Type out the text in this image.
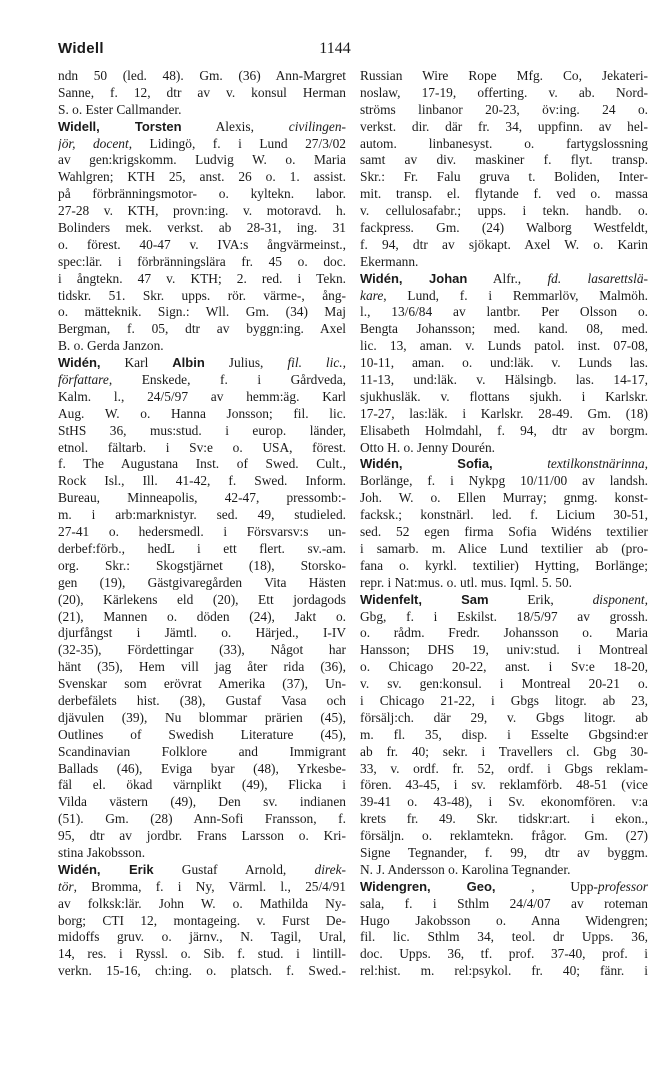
Widell	1144
ndn 50 (led. 48). Gm. (36) Ann-Margret
Sanne, f. 12, dtr av v. konsul Herman
S. o. Ester Callmander.
Widell, Torsten Alexis, civilingen-
jör, docent, Lidingö, f. i Lund 27/3/02
av gen:krigskomm. Ludvig W. o. Maria
Wahlgren; KTH 25, anst. 26 o. 1. assist.
på förbränningsmotor- o. kyltekn. labor.
27-28 v. KTH, provn:ing. v. motoravd. h.
Bolinders mek. verkst. ab 28-31, ing. 31
o. förest. 40-47 v. IVA:s ångvärmeinst.,
spec:lär. i förbränningslära fr. 45 o. doc.
i ångtekn. 47 v. KTH; 2. red. i Tekn.
tidskr. 51. Skr. upps. rör. värme-, ång-
o. mätteknik. Sign.: Wll. Gm. (34) Maj
Bergman, f. 05, dtr av byggn:ing. Axel
B. o. Gerda Janzon.
Widén, Karl Albin Julius, fil. lic.,
författare, Enskede, f. i Gårdveda,
Kalm. l., 24/5/97 av hemm:äg. Karl
Aug. W. o. Hanna Jonsson; fil. lic.
StHS 36, mus:stud. i europ. länder,
etnol. fältarb. i Sv:e o. USA, förest.
f. The Augustana Inst. of Swed. Cult.,
Rock Isl., Ill. 41-42, f. Swed. Inform.
Bureau, Minneapolis, 42-47, pressomb:-
m. i arb:marknistyr. sed. 49, studieled.
27-41 o. hedersmedl. i Försvarsv:s un-
derbef:förb., hedL i ett flert. sv.-am.
org. Skr.: Skogstjärnet (18), Storsko-
gen (19), Gästgivaregården Vita Hästen
(20), Kärlekens eld (20), Ett jordagods
(21), Mannen o. döden (24), Jakt o.
djurfångst i Jämtl. o. Härjed., I-IV
(32-35), Fördettingar (33), Något har
hänt (35), Hem vill jag åter rida (36),
Svenskar som erövrat Amerika (37), Un-
derbefälets hist. (38), Gustaf Vasa och
djävulen (39), Nu blommar prärien (45),
Outlines of Swedish Literature (45),
Scandinavian Folklore and Immigrant
Ballads (46), Eviga byar (48), Yrkesbe-
fäl el. ökad värnplikt (49), Flicka i
Vilda västern (49), Den sv. indianen
(51). Gm. (28) Ann-Sofi Fransson, f.
95, dtr av jordbr. Frans Larsson o. Kri-
stina Jakobsson.
Widén, Erik Gustaf Arnold, direk-
tör, Bromma, f. i Ny, Värml. l., 25/4/91
av folksk:lär. John W. o. Mathilda Ny-
borg; CTI 12, montageing. v. Furst De-
midoffs gruv. o. järnv., N. Tagil, Ural,
14, res. i Ryssl. o. Sib. f. stud. i lintill-
verkn. 15-16, ch:ing. o. platsch. f. Swed.-
Russian Wire Rope Mfg. Co, Jekateri-
noslaw, 17-19, offerting. v. ab. Nord-
ströms linbanor 20-23, öv:ing. 24 o.
verkst. dir. där fr. 34, uppfinn. av hel-
autom. linbanesyst. o. fartygslossning
samt av div. maskiner f. flyt. transp.
Skr.: Fr. Falu gruva t. Boliden, Inter-
mit. transp. el. flytande f. ved o. massa
v. cellulosafabr.; upps. i tekn. handb. o.
fackpress. Gm. (24) Walborg Westfeldt,
f. 94, dtr av sjökapt. Axel W. o. Karin
Ekermann.
Widén, Johan Alfr., fd. lasarettslä-
kare, Lund, f. i Remmarlöv, Malmöh.
l., 13/6/84 av lantbr. Per Olsson o.
Bengta Johansson; med. kand. 08, med.
lic. 13, aman. v. Lunds patol. inst. 07-08,
10-11, aman. o. und:läk. v. Lunds las.
11-13, und:läk. v. Hälsingb. las. 14-17,
sjukhusläk. v. flottans sjukh. i Karlskr.
17-27, las:läk. i Karlskr. 28-49. Gm. (18)
Elisabeth Holmdahl, f. 94, dtr av borgm.
Otto H. o. Jenny Dourén.
Widén, Sofia,	textilkonstnärinna,
Borlänge, f. i Nykpg 10/11/00 av landsh.
Joh. W. o. Ellen Murray; gnmg. konst-
facksk.; konstnärl. led. f. Licium 30-51,
sed. 52 egen firma Sofia Widéns textilier
i samarb. m. Alice Lund textilier ab (pro-
fana o. kyrkl. textilier) Hytting, Borlänge;
repr. i Nat:mus. o. utl. mus. Iqml. 5. 50.
Widenfelt, Sam Erik, disponent,
Gbg, f. i Eskilst. 18/5/97 av grossh.
o. rådm. Fredr. Johansson o. Maria
Hansson; DHS 19, univ:stud. i Montreal
o. Chicago 20-22, anst. i Sv:e 18-20,
v. sv. gen:konsul. i Montreal 20-21 o.
i Chicago 21-22, i Gbgs litogr. ab 23,
försälj:ch. där 29, v. Gbgs litogr. ab
m. fl. 35, disp. i Esselte Gbgsind:er
ab fr. 40; sekr. i Travellers cl. Gbg 30-
33, v. ordf. fr. 52, ordf. i Gbgs reklam-
fören. 43-45, i sv. reklamförb. 48-51 (vice
39-41 o. 43-48), i Sv. ekonomfören. v:a
krets fr. 49. Skr. tidskr:art. i ekon.,
försäljn. o. reklamtekn. frågor. Gm. (27)
Signe Tegnander, f. 99, dtr av byggm.
N. J. Andersson o. Karolina Tegnander.
Widengren, Geo,	, Upp-professor
sala, f. i Sthlm 24/4/07 av roteman
Hugo Jakobsson o. Anna Widengren;
fil. lic. Sthlm 34, teol. dr Upps. 36,
doc. Upps. 36, tf. prof. 37-40, prof. i
rel:hist. m. rel:psykol. fr. 40; fänr. i
